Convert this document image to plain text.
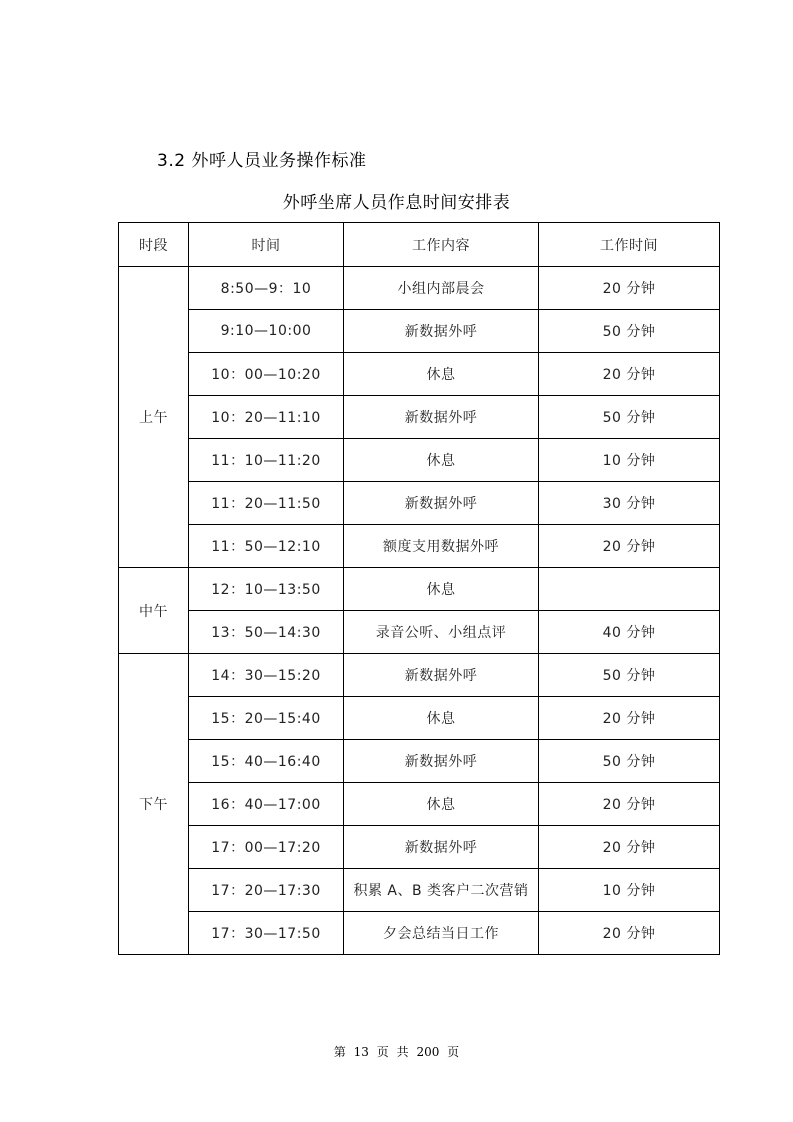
3.2 外呼人员业务操作标准
外呼坐席人员作息时间安排表
时段	时间	工作内容	工作时间
上午	8:50—9：10	小组内部晨会	20 分钟
	9:10—10:00	新数据外呼	50 分钟
	10：00—10:20	休息	20 分钟
	10：20—11:10	新数据外呼	50 分钟
	11：10—11:20	休息	10 分钟
	11：20—11:50	新数据外呼	30 分钟
	11：50—12:10	额度支用数据外呼	20 分钟
中午	12：10—13:50	休息	
	13：50—14:30	录音公听、小组点评	40 分钟
下午	14：30—15:20	新数据外呼	50 分钟
	15：20—15:40	休息	20 分钟
	15：40—16:40	新数据外呼	50 分钟
	16：40—17:00	休息	20 分钟
	17：00—17:20	新数据外呼	20 分钟
	17：20—17:30	积累 A、B 类客户二次营销	10 分钟
	17：30—17:50	夕会总结当日工作	20 分钟
第 13 页 共 200 页
